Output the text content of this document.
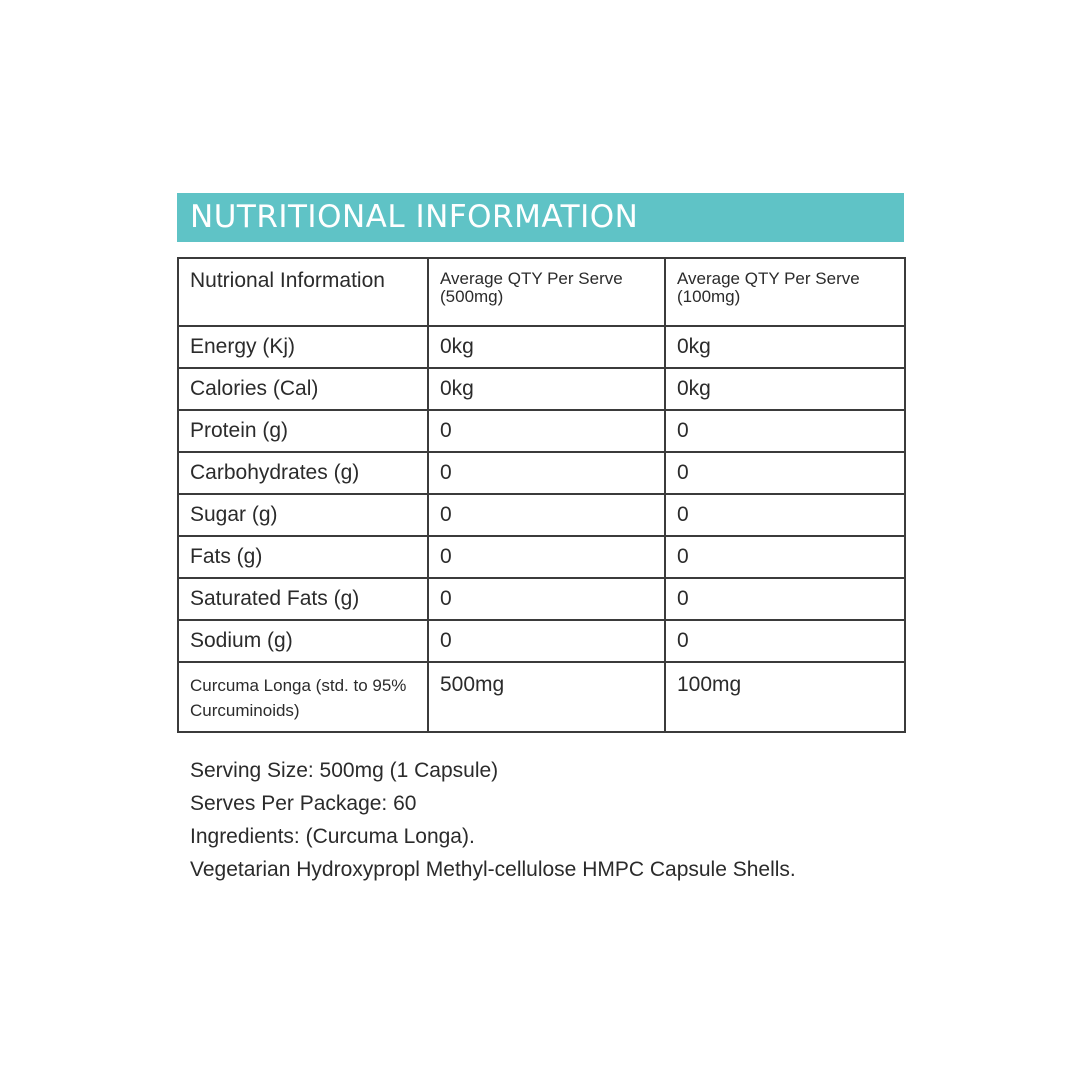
NUTRITIONAL INFORMATION
Nutrional Information	Average QTY Per Serve (500mg)	Average QTY Per Serve (100mg)

Energy (Kj)	0kg	0kg
Calories (Cal)	0kg	0kg
Protein (g)	0	0
Carbohydrates (g)	0	0
Sugar (g)	0	0
Fats (g)	0	0
Saturated Fats (g)	0	0
Sodium (g)	0	0

Curcuma Longa (std. to 95% Curcuminoids)	500mg	100mg
Serving Size: 500mg (1 Capsule)
Serves Per Package: 60
Ingredients: (Curcuma Longa).
Vegetarian Hydroxypropl Methyl-cellulose HMPC Capsule Shells.
